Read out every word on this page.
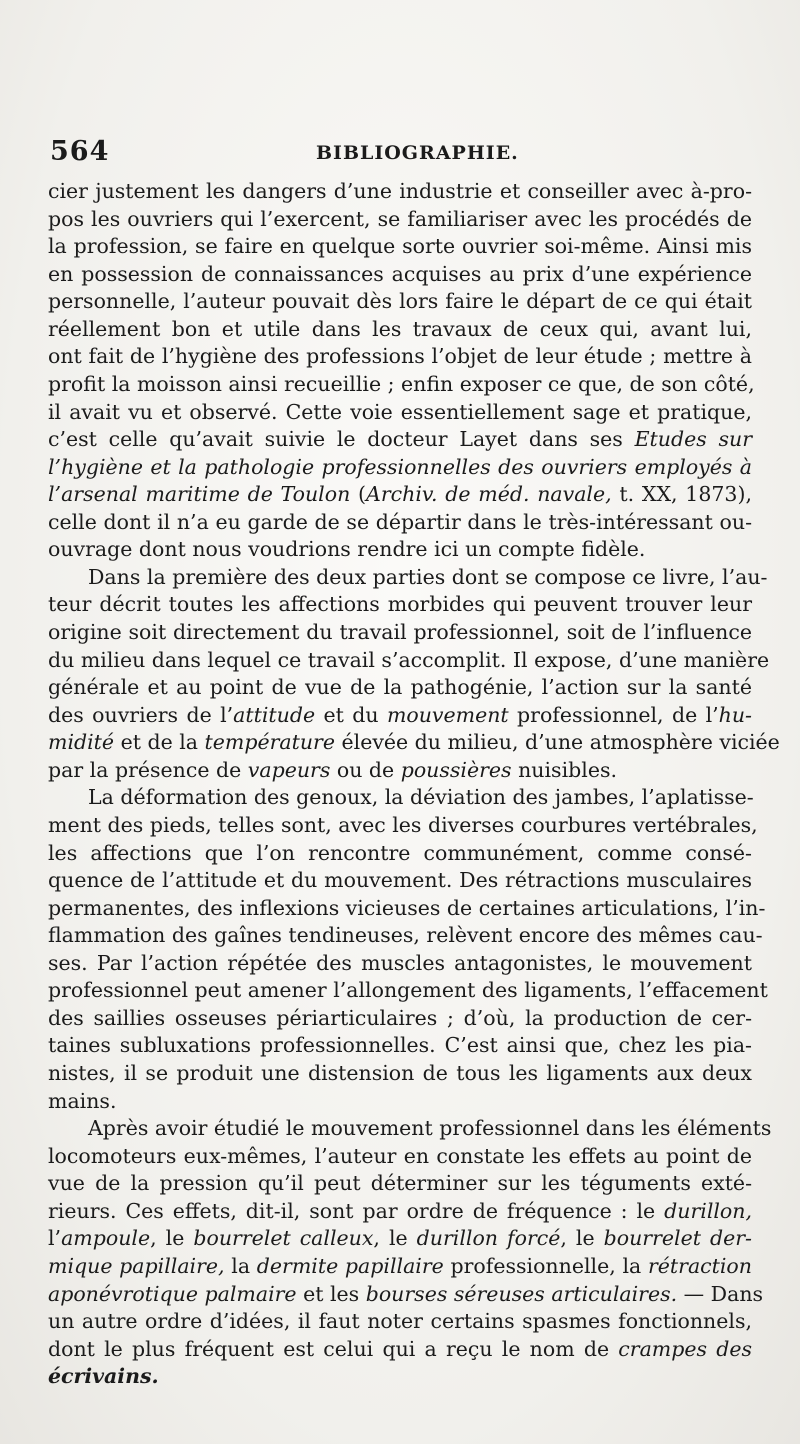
564	BIBLIOGRAPHIE.
cier justement les dangers d’une industrie et conseiller avec à-pro-
pos les ouvriers qui l’exercent, se familiariser avec les procédés de
la profession, se faire en quelque sorte ouvrier soi-même. Ainsi mis
en possession de connaissances acquises au prix d’une expérience
personnelle, l’auteur pouvait dès lors faire le départ de ce qui était
réellement bon et utile dans les travaux de ceux qui, avant lui,
ont fait de l’hygiène des professions l’objet de leur étude ; mettre à
profit la moisson ainsi recueillie ; enfin exposer ce que, de son côté,
il avait vu et observé. Cette voie essentiellement sage et pratique,
c’est celle qu’avait suivie le docteur Layet dans ses Etudes sur
l’hygiène et la pathologie professionnelles des ouvriers employés à
l’arsenal maritime de Toulon (Archiv. de méd. navale, t. XX, 1873),
celle dont il n’a eu garde de se départir dans le très-intéressant ou-
ouvrage dont nous voudrions rendre ici un compte fidèle.
Dans la première des deux parties dont se compose ce livre, l’au-
teur décrit toutes les affections morbides qui peuvent trouver leur
origine soit directement du travail professionnel, soit de l’influence
du milieu dans lequel ce travail s’accomplit. Il expose, d’une manière
générale et au point de vue de la pathogénie, l’action sur la santé
des ouvriers de l’attitude et du mouvement professionnel, de l’hu-
midité et de la température élevée du milieu, d’une atmosphère viciée
par la présence de vapeurs ou de poussières nuisibles.
La déformation des genoux, la déviation des jambes, l’aplatisse-
ment des pieds, telles sont, avec les diverses courbures vertébrales,
les affections que l’on rencontre communément, comme consé-
quence de l’attitude et du mouvement. Des rétractions musculaires
permanentes, des inflexions vicieuses de certaines articulations, l’in-
flammation des gaînes tendineuses, relèvent encore des mêmes cau-
ses. Par l’action répétée des muscles antagonistes, le mouvement
professionnel peut amener l’allongement des ligaments, l’effacement
des saillies osseuses périarticulaires ; d’où, la production de cer-
taines subluxations professionnelles. C’est ainsi que, chez les pia-
nistes, il se produit une distension de tous les ligaments aux deux
mains.
Après avoir étudié le mouvement professionnel dans les éléments
locomoteurs eux-mêmes, l’auteur en constate les effets au point de
vue de la pression qu’il peut déterminer sur les téguments exté-
rieurs. Ces effets, dit-il, sont par ordre de fréquence : le durillon,
l’ampoule, le bourrelet calleux, le durillon forcé, le bourrelet der-
mique papillaire, la dermite papillaire professionnelle, la rétraction
aponévrotique palmaire et les bourses séreuses articulaires. — Dans
un autre ordre d’idées, il faut noter certains spasmes fonctionnels,
dont le plus fréquent est celui qui a reçu le nom de crampes des
écrivains.
